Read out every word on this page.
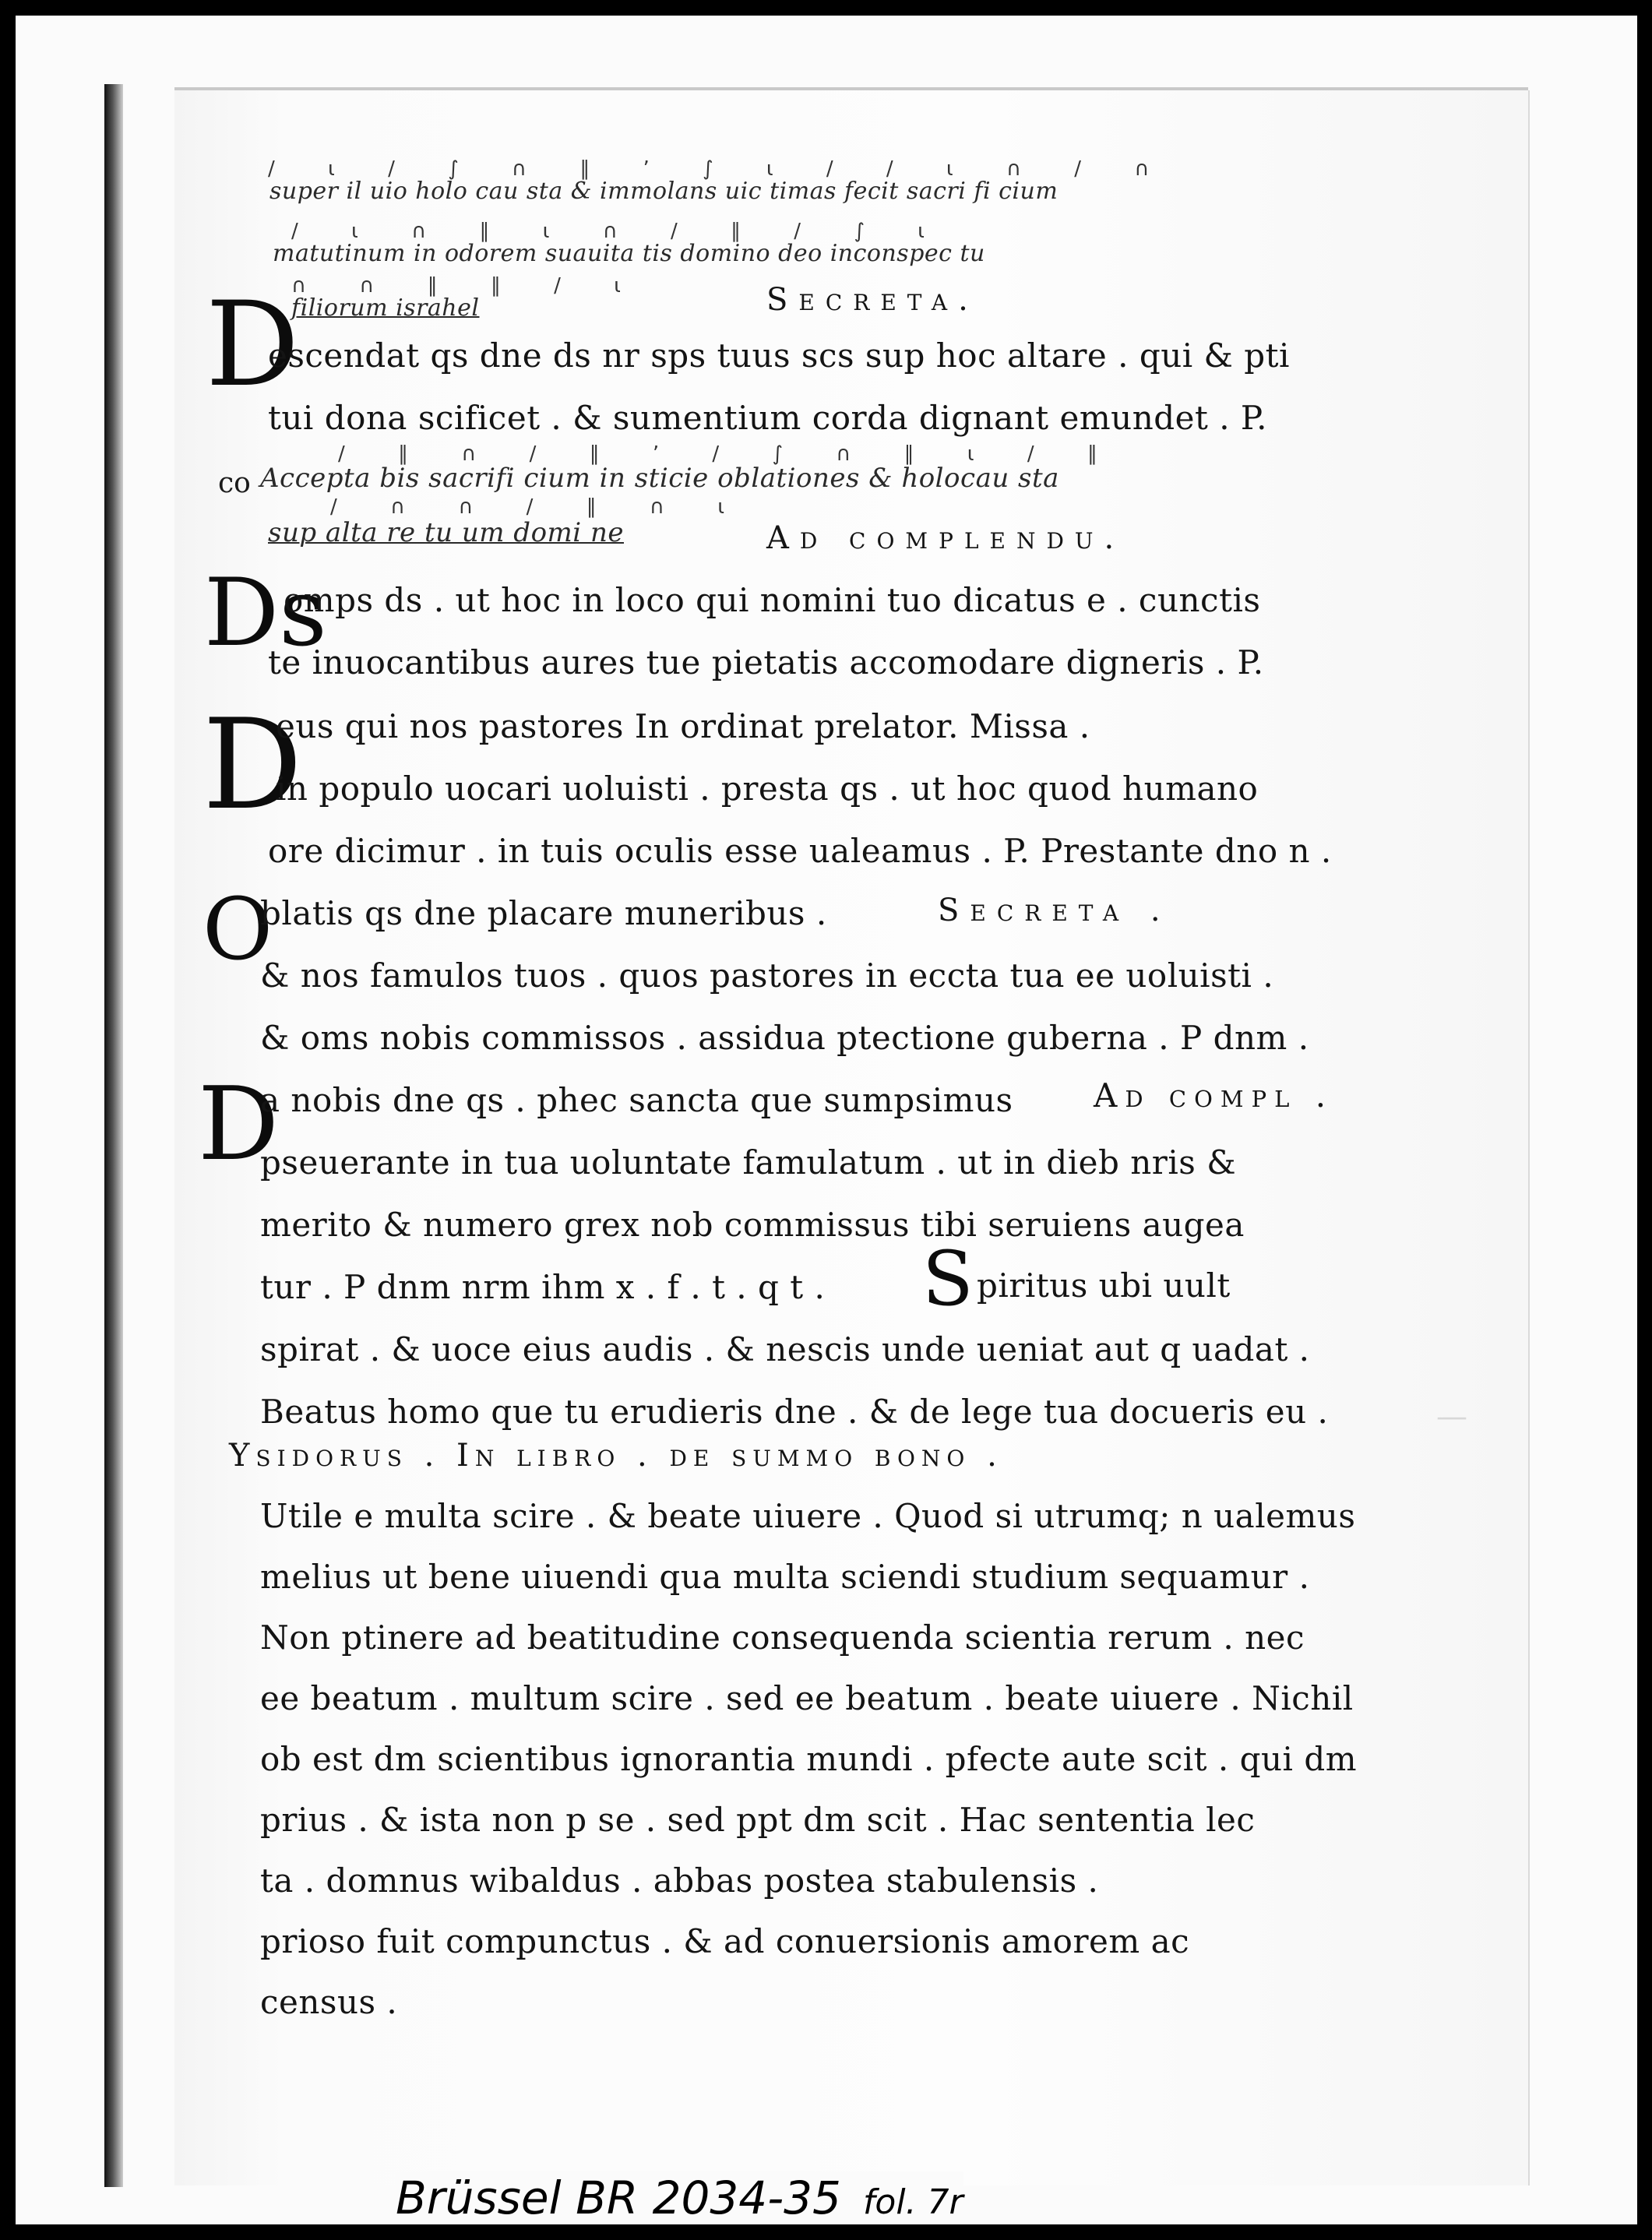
—
/ ι / ∫ ∩ ∥ ʼ ∫ ι / / ι ∩ / ∩
super il uio holo cau sta & immolans uic timas fecit sacri fi cium
/ ι ∩ ∥ ι ∩ / ∥ / ∫ ι
matutinum in odorem suauita tis domino deo inconspec tu
∩ ∩ ∥ ∥ / ι
filiorum israhel	Secreta.
D
escendat qs dne ds nr sps tuus scs sup hoc altare . qui & pti
tui dona scificet . & sumentium corda dignant emundet . P.
co
/ ∥ ∩ / ∥ ʼ / ∫ ∩ ∥ ι / ∥
Accepta bis sacrifi cium in sticie oblationes & holocau sta
/ ∩ ∩ / ∥ ∩ ι
sup alta re tu um domi ne	Ad complendu.
Ds
omps ds . ut hoc in loco qui nomini tuo dicatus e . cunctis
te inuocantibus aures tue pietatis accomodare digneris . P.
D
eus qui nos pastores In ordinat prelator. Missa .
in populo uocari uoluisti . presta qs . ut hoc quod humano
ore dicimur . in tuis oculis esse ualeamus . P. Prestante dno n .
O
blatis qs dne placare muneribus .	Secreta .
& nos famulos tuos . quos pastores in eccta tua ee uoluisti .
& oms nobis commissos . assidua ptectione guberna . P dnm .
D
a nobis dne qs . phec sancta que sumpsimus Ad compl .
pseuerante in tua uoluntate famulatum . ut in dieb nris &
merito & numero grex nob commissus tibi seruiens augea
tur . P dnm nrm ihm x . f . t . q t . S piritus ubi uult
spirat . & uoce eius audis . & nescis unde ueniat aut q uadat .
Beatus homo que tu erudieris dne . & de lege tua docueris eu .
Ysidorus . In libro . de summo bono .
Utile e multa scire . & beate uiuere . Quod si utrumq; n ualemus
melius ut bene uiuendi qua multa sciendi studium sequamur .
Non ptinere ad beatitudine consequenda scientia rerum . nec
ee beatum . multum scire . sed ee beatum . beate uiuere . Nichil
ob est dm scientibus ignorantia mundi . pfecte aute scit . qui dm
prius . & ista non p se . sed ppt dm scit . Hac sententia lec
ta . domnus wibaldus . abbas postea stabulensis .
prioso fuit compunctus . & ad conuersionis amorem ac
census .
Brüssel BR 2034-35 fol. 7r
